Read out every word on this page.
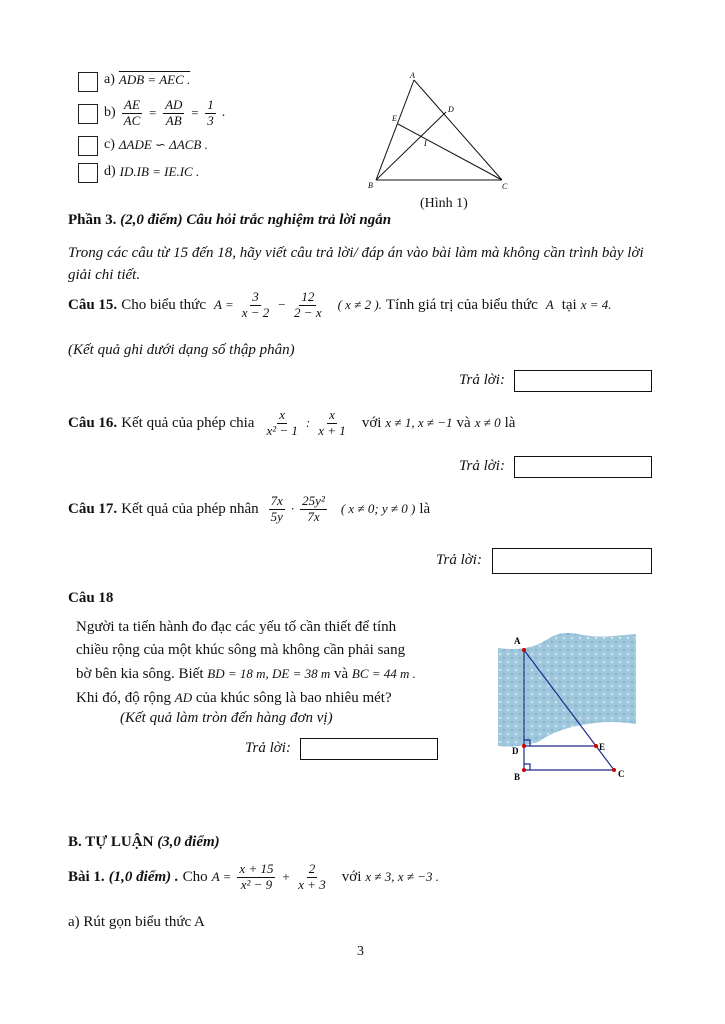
a) ADB = AEC .
$b) \frac{AE}{AC} = \frac{AD}{AB} = \frac{1}{3}$ .
c) ΔADE ∽ ΔACB .
d) ID.IB = IE.IC .
A
B	C
D
E
I
(Hình 1)
Phần 3. (2,0 điểm) Câu hỏi trắc nghiệm trả lời ngắn
Trong các câu từ 15 đến 18, hãy viết câu trả lời/ đáp án vào bài làm mà không cần trình bày lời giải chi tiết.
Câu 15. Cho biểu thức $A = \frac{3}{x - 2} - \frac{12}{2 - x}$ ( x ≠ 2 ). Tính giá trị của biểu thức A tại x = 4.
(Kết quả ghi dưới dạng số thập phân)
Trả lời:
Câu 16. Kết quả của phép chia $\frac{x}{\text{x² − 1}}$ : $\frac{x}{x + 1}$ với x ≠ 1, x ≠ −1 và x ≠ 0 là
Trả lời:
Câu 17. Kết quả của phép nhân $\frac{7x}{5y} \cdot \frac{\text{25y²}}{7x}$ ( x ≠ 0; y ≠ 0 ) là
Trả lời:
Câu 18
Người ta tiến hành đo đạc các yếu tố cần thiết để tính
chiều rộng của một khúc sông mà không cần phải sang
bờ bên kia sông. Biết BD = 18 m, DE = 38 m và BC = 44 m .
Khi đó, độ rộng AD của khúc sông là bao nhiêu mét?
(Kết quả làm tròn đến hàng đơn vị)
Trả lời:
A
D	E
B	C
B. TỰ LUẬN (3,0 điểm)
Bài 1. (1,0 điểm) . Cho $A = \frac{x + 15}{\text{x² − 9}} + \frac{2}{x + 3}$ với x ≠ 3, x ≠ −3 .
a) Rút gọn biểu thức A
3
